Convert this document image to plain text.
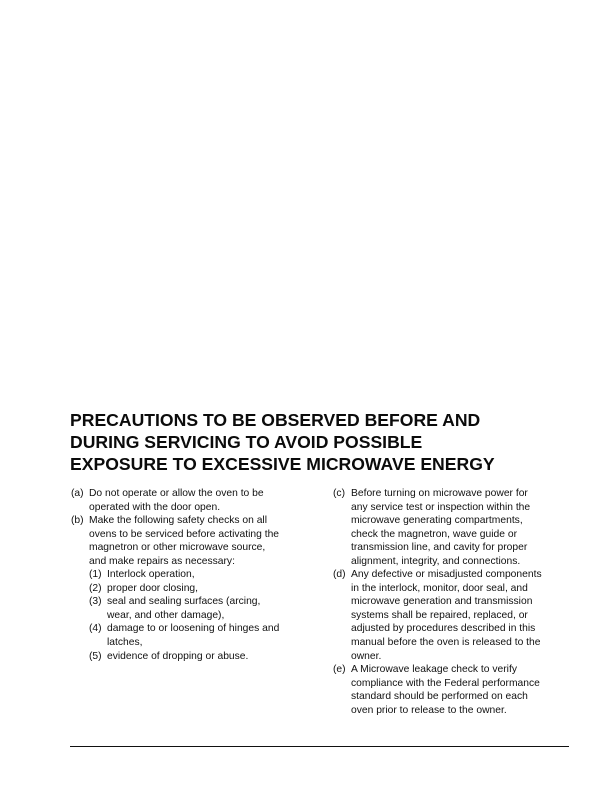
PRECAUTIONS TO BE OBSERVED BEFORE AND
DURING SERVICING TO AVOID POSSIBLE
EXPOSURE TO EXCESSIVE MICROWAVE ENERGY
(a) Do not operate or allow the oven to be
operated with the door open.
(b) Make the following safety checks on all
ovens to be serviced before activating the
magnetron or other microwave source,
and make repairs as necessary:
(1) Interlock operation,
(2) proper door closing,
(3) seal and sealing surfaces (arcing,
wear, and other damage),
(4) damage to or loosening of hinges and
latches,
(5) evidence of dropping or abuse.
(c) Before turning on microwave power for
any service test or inspection within the
microwave generating compartments,
check the magnetron, wave guide or
transmission line, and cavity for proper
alignment, integrity, and connections.
(d) Any defective or misadjusted components
in the interlock, monitor, door seal, and
microwave generation and transmission
systems shall be repaired, replaced, or
adjusted by procedures described in this
manual before the oven is released to the
owner.
(e) A Microwave leakage check to verify
compliance with the Federal performance
standard should be performed on each
oven prior to release to the owner.
